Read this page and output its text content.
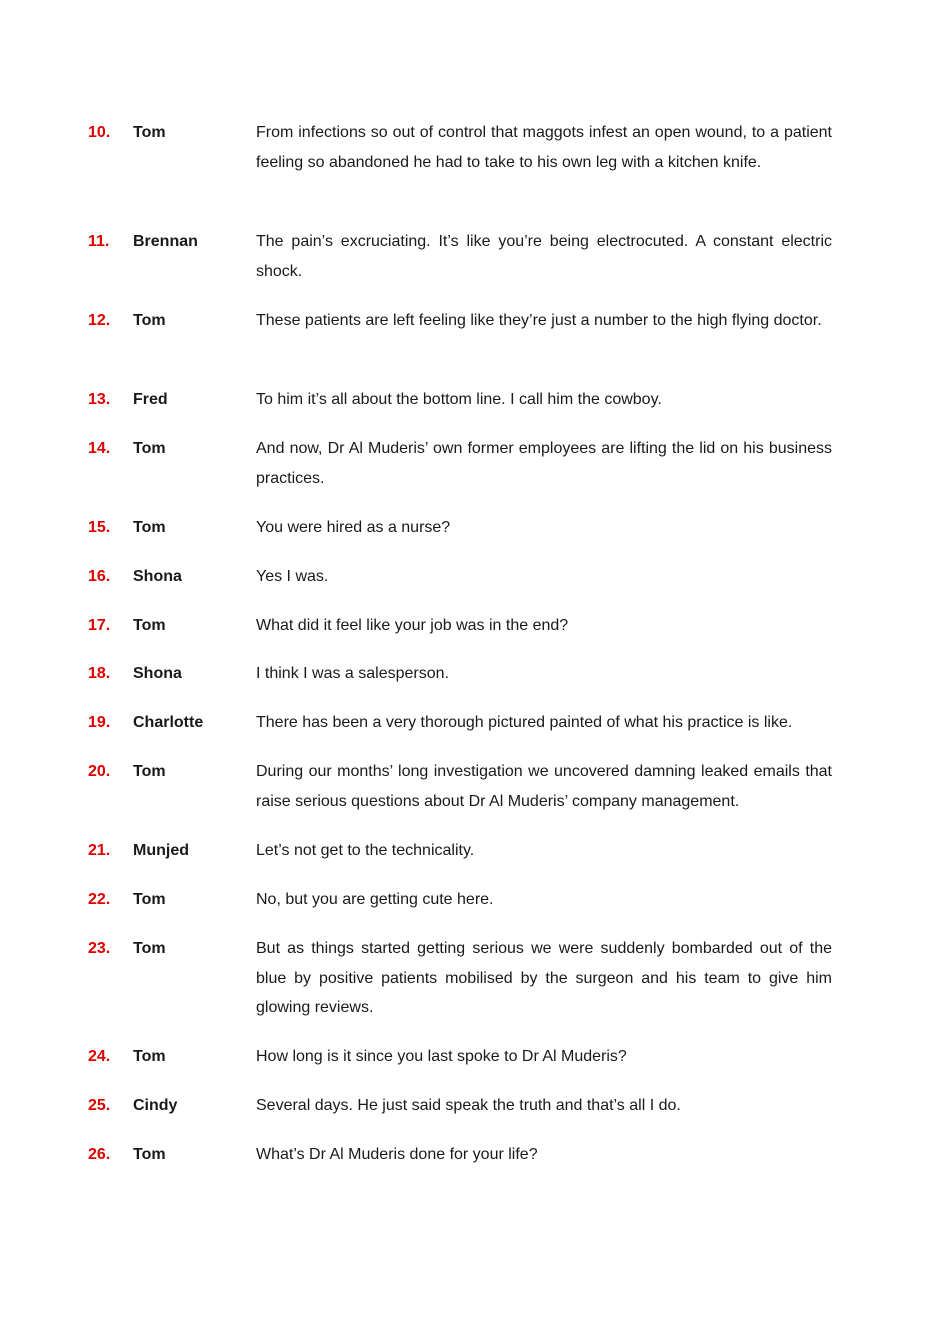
10. Tom	From infections so out of control that maggots infest an open wound, to a patient feeling so abandoned he had to take to his own leg with a kitchen knife.
11. Brennan	The pain’s excruciating. It’s like you’re being electrocuted. A constant electric shock.
12. Tom	These patients are left feeling like they’re just a number to the high flying doctor.
13. Fred	To him it’s all about the bottom line. I call him the cowboy.
14. Tom	And now, Dr Al Muderis’ own former employees are lifting the lid on his business practices.
15. Tom	You were hired as a nurse?
16. Shona	Yes I was.
17. Tom	What did it feel like your job was in the end?
18. Shona	I think I was a salesperson.
19. Charlotte	There has been a very thorough pictured painted of what his practice is like.
20. Tom	During our months’ long investigation we uncovered damning leaked emails that raise serious questions about Dr Al Muderis’ company management.
21. Munjed	Let’s not get to the technicality.
22. Tom	No, but you are getting cute here.
23. Tom	But as things started getting serious we were suddenly bombarded out of the blue by positive patients mobilised by the surgeon and his team to give him glowing reviews.
24. Tom	How long is it since you last spoke to Dr Al Muderis?
25. Cindy	Several days. He just said speak the truth and that’s all I do.
26. Tom	What’s Dr Al Muderis done for your life?
